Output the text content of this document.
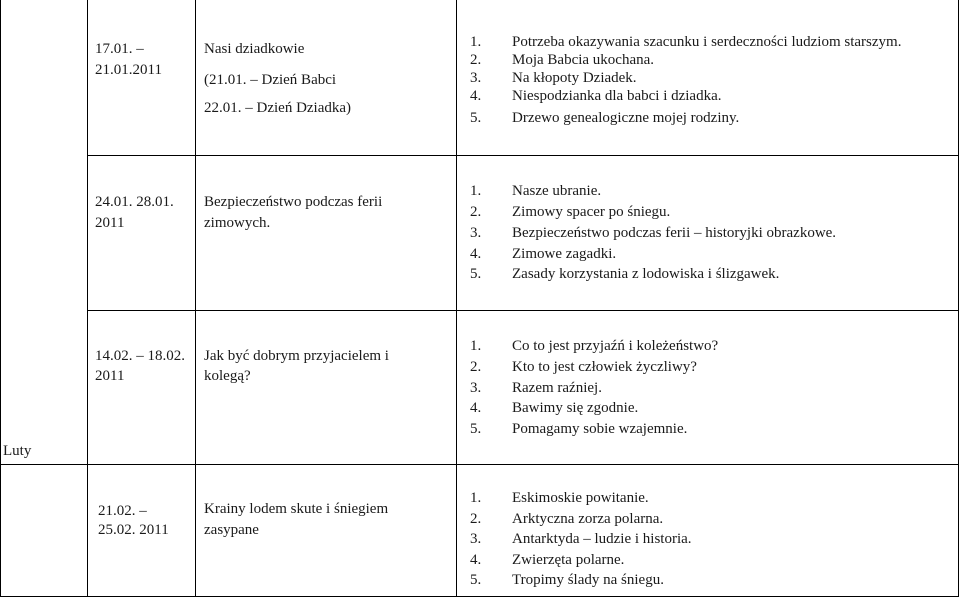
Luty
17.01. –
21.01.2011
Nasi dziadkowie
(21.01. – Dzień Babci
22.01. – Dzień Dziadka)
1. Potrzeba okazywania szacunku i serdeczności ludziom starszym.
2. Moja Babcia ukochana.
3. Na kłopoty Dziadek.
4. Niespodzianka dla babci i dziadka.
5. Drzewo genealogiczne mojej rodziny.
24.01. 28.01.
2011
Bezpieczeństwo podczas ferii
zimowych.
1. Nasze ubranie.
2. Zimowy spacer po śniegu.
3. Bezpieczeństwo podczas ferii – historyjki obrazkowe.
4. Zimowe zagadki.
5. Zasady korzystania z lodowiska i ślizgawek.
14.02. – 18.02.
2011
Jak być dobrym przyjacielem i
kolegą?
1. Co to jest przyjaźń i koleżeństwo?
2. Kto to jest człowiek życzliwy?
3. Razem raźniej.
4. Bawimy się zgodnie.
5. Pomagamy sobie wzajemnie.
21.02. –
25.02. 2011
Krainy lodem skute i śniegiem
zasypane
1. Eskimoskie powitanie.
2. Arktyczna zorza polarna.
3. Antarktyda – ludzie i historia.
4. Zwierzęta polarne.
5. Tropimy ślady na śniegu.
